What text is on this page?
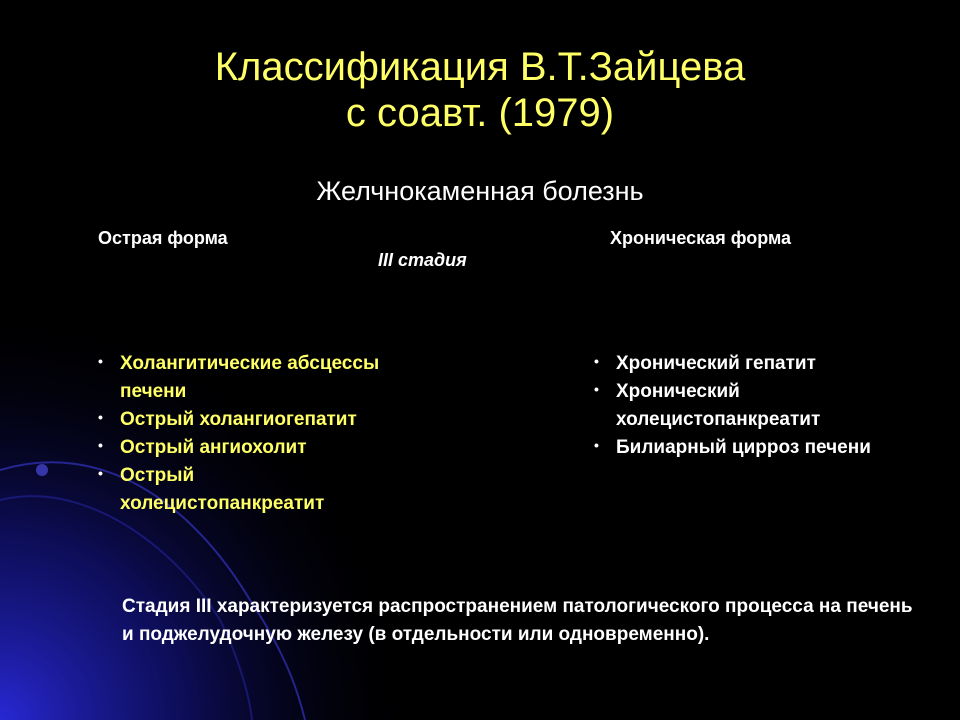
Классификация В.Т.Зайцева
с соавт. (1979)
Желчнокаменная болезнь
Острая форма	Хроническая форма
III стадия
• Холангитические абсцессы печени
• Острый холангиогепатит
• Острый ангиохолит
• Острый холецистопанкреатит
• Хронический гепатит
• Хронический холецистопанкреатит
• Билиарный цирроз печени
Стадия III характеризуется распространением патологического процесса на печень и поджелудочную железу (в отдельности или одновременно).
